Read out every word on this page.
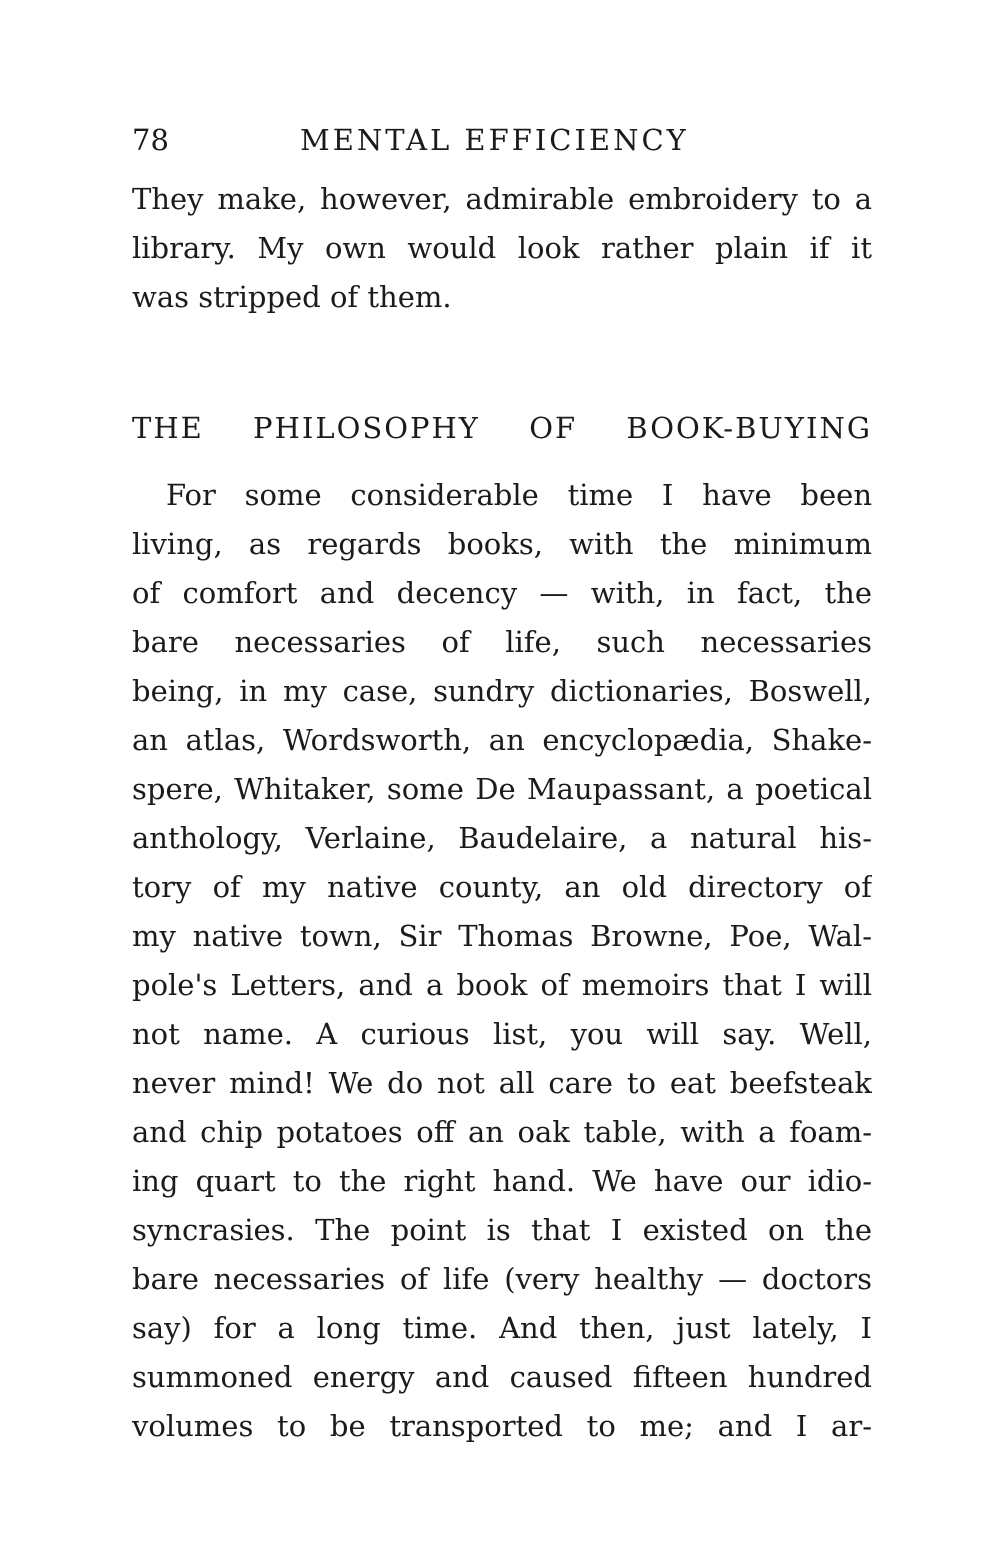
78	MENTAL EFFICIENCY

They make, however, admirable embroidery to a
library. My own would look rather plain if it
was stripped of them.

THE PHILOSOPHY OF BOOK-BUYING

For some considerable time I have been
living, as regards books, with the minimum
of comfort and decency — with, in fact, the
bare necessaries of life, such necessaries
being, in my case, sundry dictionaries, Boswell,
an atlas, Wordsworth, an encyclopædia, Shake-
spere, Whitaker, some De Maupassant, a poetical
anthology, Verlaine, Baudelaire, a natural his-
tory of my native county, an old directory of
my native town, Sir Thomas Browne, Poe, Wal-
pole's Letters, and a book of memoirs that I will
not name. A curious list, you will say. Well,
never mind! We do not all care to eat beefsteak
and chip potatoes off an oak table, with a foam-
ing quart to the right hand. We have our idio-
syncrasies. The point is that I existed on the
bare necessaries of life (very healthy — doctors
say) for a long time. And then, just lately, I
summoned energy and caused fifteen hundred
volumes to be transported to me; and I ar-
